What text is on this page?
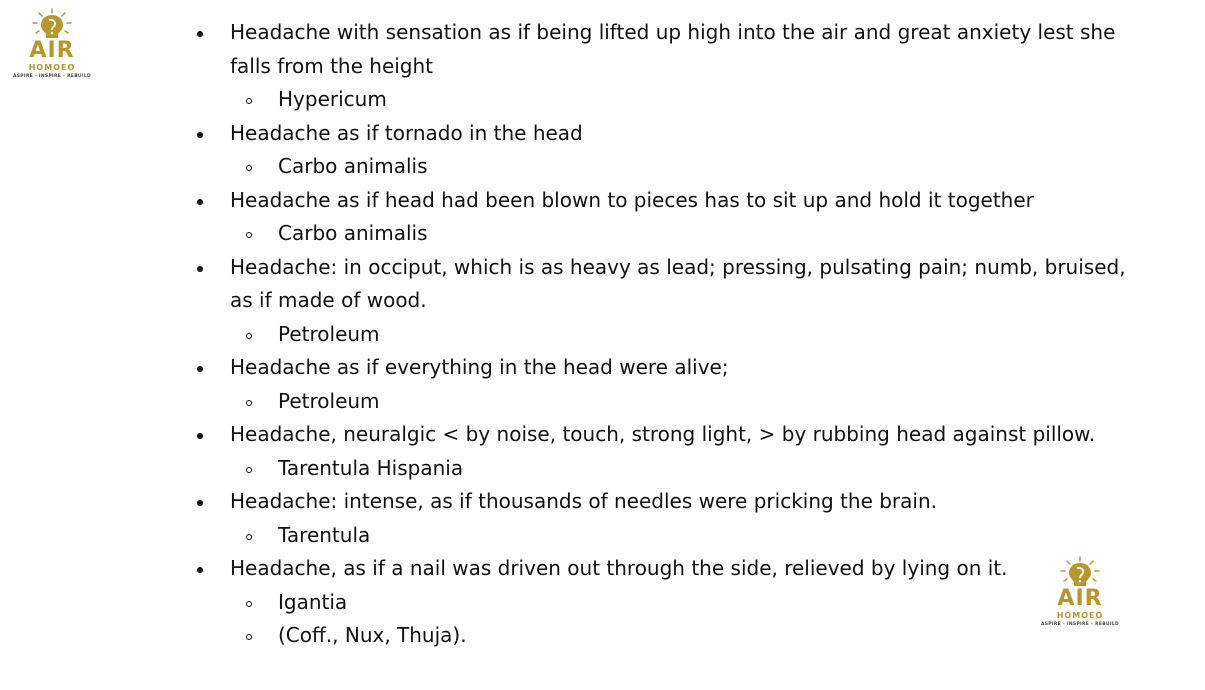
AIR
HOMOEO
ASPIRE - INSPIRE - REBUILD
Headache with sensation as if being lifted up high into the air and great anxiety lest she falls from the height
Hypericum
Headache as if tornado in the head
Carbo animalis
Headache as if head had been blown to pieces has to sit up and hold it together
Carbo animalis
Headache: in occiput, which is as heavy as lead; pressing, pulsating pain; numb, bruised, as if made of wood.
Petroleum
Headache as if everything in the head were alive;
Petroleum
Headache, neuralgic < by noise, touch, strong light, > by rubbing head against pillow.
Tarentula Hispania
Headache: intense, as if thousands of needles were pricking the brain.
Tarentula
Headache, as if a nail was driven out through the side, relieved by lying on it.
Igantia
(Coff., Nux, Thuja).
AIR
HOMOEO
ASPIRE - INSPIRE - REBUILD
